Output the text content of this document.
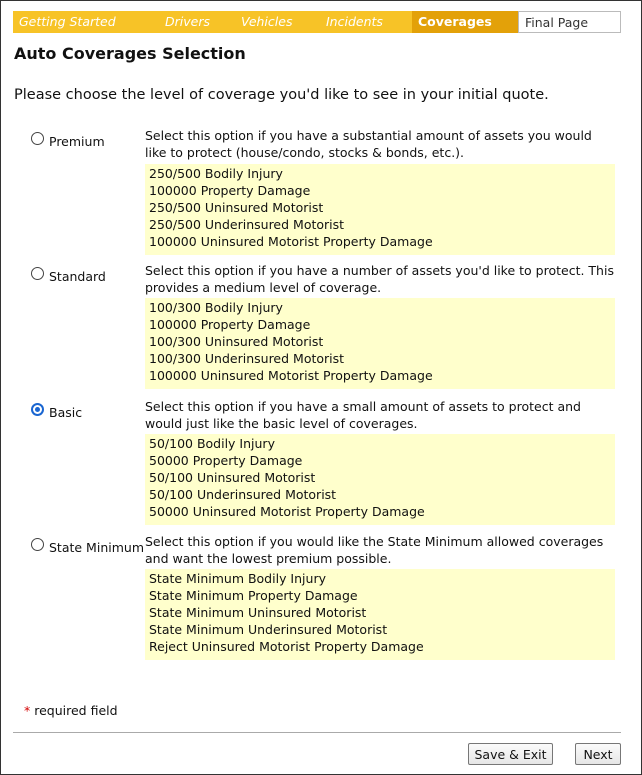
Getting Started	Drivers	Vehicles	Incidents	Coverages	Final Page
Auto Coverages Selection
Please choose the level of coverage you'd like to see in your initial quote.
Premium	Select this option if you have a substantial amount of assets you would like to protect (house/condo, stocks & bonds, etc.).
250/500 Bodily Injury
100000 Property Damage
250/500 Uninsured Motorist
250/500 Underinsured Motorist
100000 Uninsured Motorist Property Damage
Standard	Select this option if you have a number of assets you'd like to protect. This provides a medium level of coverage.
100/300 Bodily Injury
100000 Property Damage
100/300 Uninsured Motorist
100/300 Underinsured Motorist
100000 Uninsured Motorist Property Damage
Basic	Select this option if you have a small amount of assets to protect and would just like the basic level of coverages.
50/100 Bodily Injury
50000 Property Damage
50/100 Uninsured Motorist
50/100 Underinsured Motorist
50000 Uninsured Motorist Property Damage
State Minimum Select this option if you would like the State Minimum allowed coverages and want the lowest premium possible.
State Minimum Bodily Injury
State Minimum Property Damage
State Minimum Uninsured Motorist
State Minimum Underinsured Motorist
Reject Uninsured Motorist Property Damage
* required field
Save & Exit	Next
